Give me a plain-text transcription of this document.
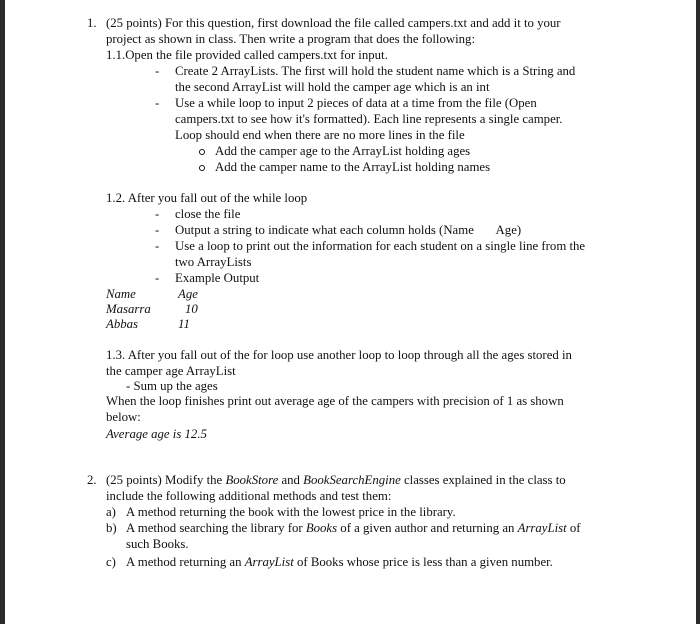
1. (25 points) For this question, first download the file called campers.txt and add it to your
project as shown in class. Then write a program that does the following:
1.1.Open the file provided called campers.txt for input.
- Create 2 ArrayLists. The first will hold the student name which is a String and
the second ArrayList will hold the camper age which is an int
- Use a while loop to input 2 pieces of data at a time from the file (Open
campers.txt to see how it's formatted). Each line represents a single camper.
Loop should end when there are no more lines in the file
Add the camper age to the ArrayList holding ages
Add the camper name to the ArrayList holding names
1.2. After you fall out of the while loop
- close the file
- Output a string to indicate what each column holds (Name       Age)
- Use a loop to print out the information for each student on a single line from the
two ArrayLists
- Example Output
Name	Age
Masarra	10
Abbas	11
1.3. After you fall out of the for loop use another loop to loop through all the ages stored in
the camper age ArrayList
- Sum up the ages
When the loop finishes print out average age of the campers with precision of 1 as shown
below:
Average age is 12.5
2. (25 points) Modify the BookStore and BookSearchEngine classes explained in the class to
include the following additional methods and test them:
a) A method returning the book with the lowest price in the library.
b) A method searching the library for Books of a given author and returning an ArrayList of
such Books.
c) A method returning an ArrayList of Books whose price is less than a given number.
